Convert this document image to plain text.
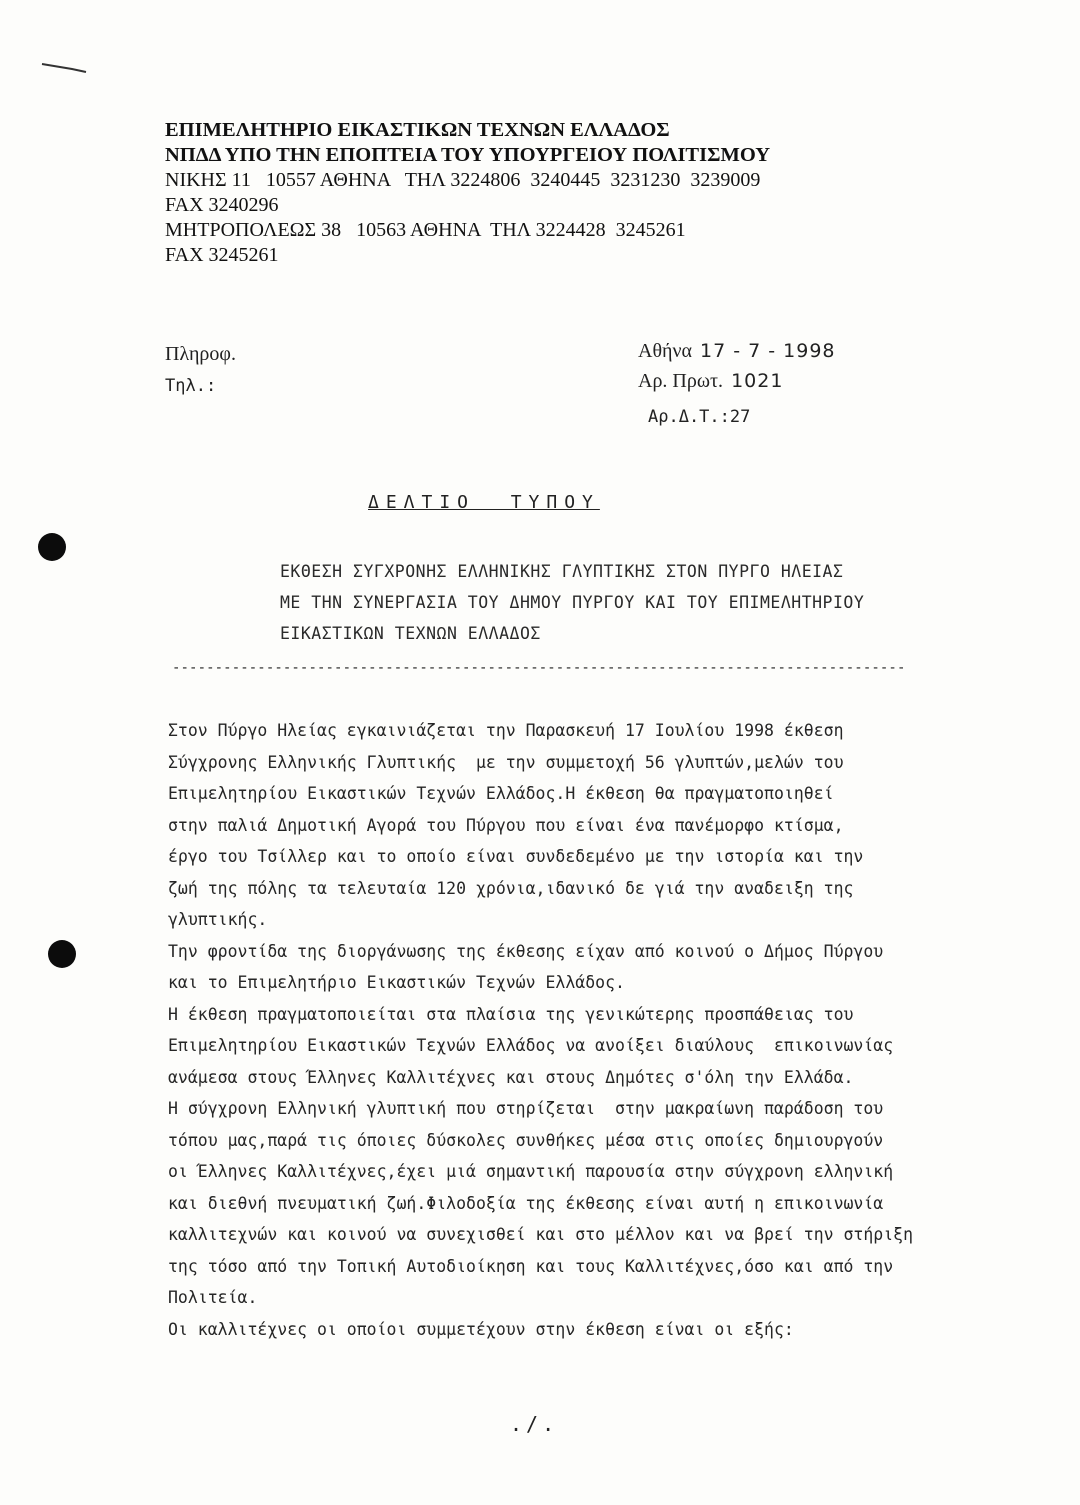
ΕΠΙΜΕΛΗΤΗΡΙΟ ΕΙΚΑΣΤΙΚΩΝ ΤΕΧΝΩΝ ΕΛΛΑΔΟΣ
ΝΠΔΔ ΥΠΟ ΤΗΝ ΕΠΟΠΤΕΙΑ ΤΟΥ ΥΠΟΥΡΓΕΙΟΥ ΠΟΛΙΤΙΣΜΟΥ
ΝΙΚΗΣ 11   10557 ΑΘΗΝΑ   ΤΗΛ 3224806  3240445  3231230  3239009
FAX 3240296
ΜΗΤΡΟΠΟΛΕΩΣ 38   10563 ΑΘΗΝΑ  ΤΗΛ 3224428  3245261
FAX 3245261
Πληροφ.
Τηλ.:
Αθήνα 17 - 7 - 1998
Αρ. Πρωτ. 1021
Αρ.Δ.Τ.:27
ΔΕΛΤΙΟ  ΤΥΠΟΥ
ΕΚΘΕΣΗ ΣΥΓΧΡΟΝΗΣ ΕΛΛΗΝΙΚΗΣ ΓΛΥΠΤΙΚΗΣ ΣΤΟΝ ΠΥΡΓΟ ΗΛΕΙΑΣ
ΜΕ ΤΗΝ ΣΥΝΕΡΓΑΣΙΑ ΤΟΥ ΔΗΜΟΥ ΠΥΡΓΟΥ ΚΑΙ ΤΟΥ ΕΠΙΜΕΛΗΤΗΡΙΟΥ
ΕΙΚΑΣΤΙΚΩΝ ΤΕΧΝΩΝ ΕΛΛΑΔΟΣ
--------------------------------------------------------------------------------------
Στον Πύργο Ηλείας εγκαινιάζεται την Παρασκευή 17 Ιουλίου 1998 έκθεση
Σύγχρονης Ελληνικής Γλυπτικής  με την συμμετοχή 56 γλυπτών,μελών του
Επιμελητηρίου Εικαστικών Τεχνών Ελλάδος.Η έκθεση θα πραγματοποιηθεί
στην παλιά Δημοτική Αγορά του Πύργου που είναι ένα πανέμορφο κτίσμα,
έργο του Τσίλλερ και το οποίο είναι συνδεδεμένο με την ιστορία και την
ζωή της πόλης τα τελευταία 120 χρόνια,ιδανικό δε γιά την αναδειξη της
γλυπτικής.
Την φροντίδα της διοργάνωσης της έκθεσης είχαν από κοινού ο Δήμος Πύργου
και το Επιμελητήριο Εικαστικών Τεχνών Ελλάδος.
Η έκθεση πραγματοποιείται στα πλαίσια της γενικώτερης προσπάθειας του
Επιμελητηρίου Εικαστικών Τεχνών Ελλάδος να ανοίξει διαύλους  επικοινωνίας
ανάμεσα στους Έλληνες Καλλιτέχνες και στους Δημότες σ'όλη την Ελλάδα.
Η σύγχρονη Ελληνική γλυπτική που στηρίζεται  στην μακραίωνη παράδοση του
τόπου μας,παρά τις όποιες δύσκολες συνθήκες μέσα στις οποίες δημιουργούν
οι Έλληνες Καλλιτέχνες,έχει μιά σημαντική παρουσία στην σύγχρονη ελληνική
και διεθνή πνευματική ζωή.Φιλοδοξία της έκθεσης είναι αυτή η επικοινωνία
καλλιτεχνών και κοινού να συνεχισθεί και στο μέλλον και να βρεί την στήριξη
της τόσο από την Τοπική Αυτοδιοίκηση και τους Καλλιτέχνες,όσο και από την
Πολιτεία.
Οι καλλιτέχνες οι οποίοι συμμετέχουν στην έκθεση είναι οι εξής:
./.
